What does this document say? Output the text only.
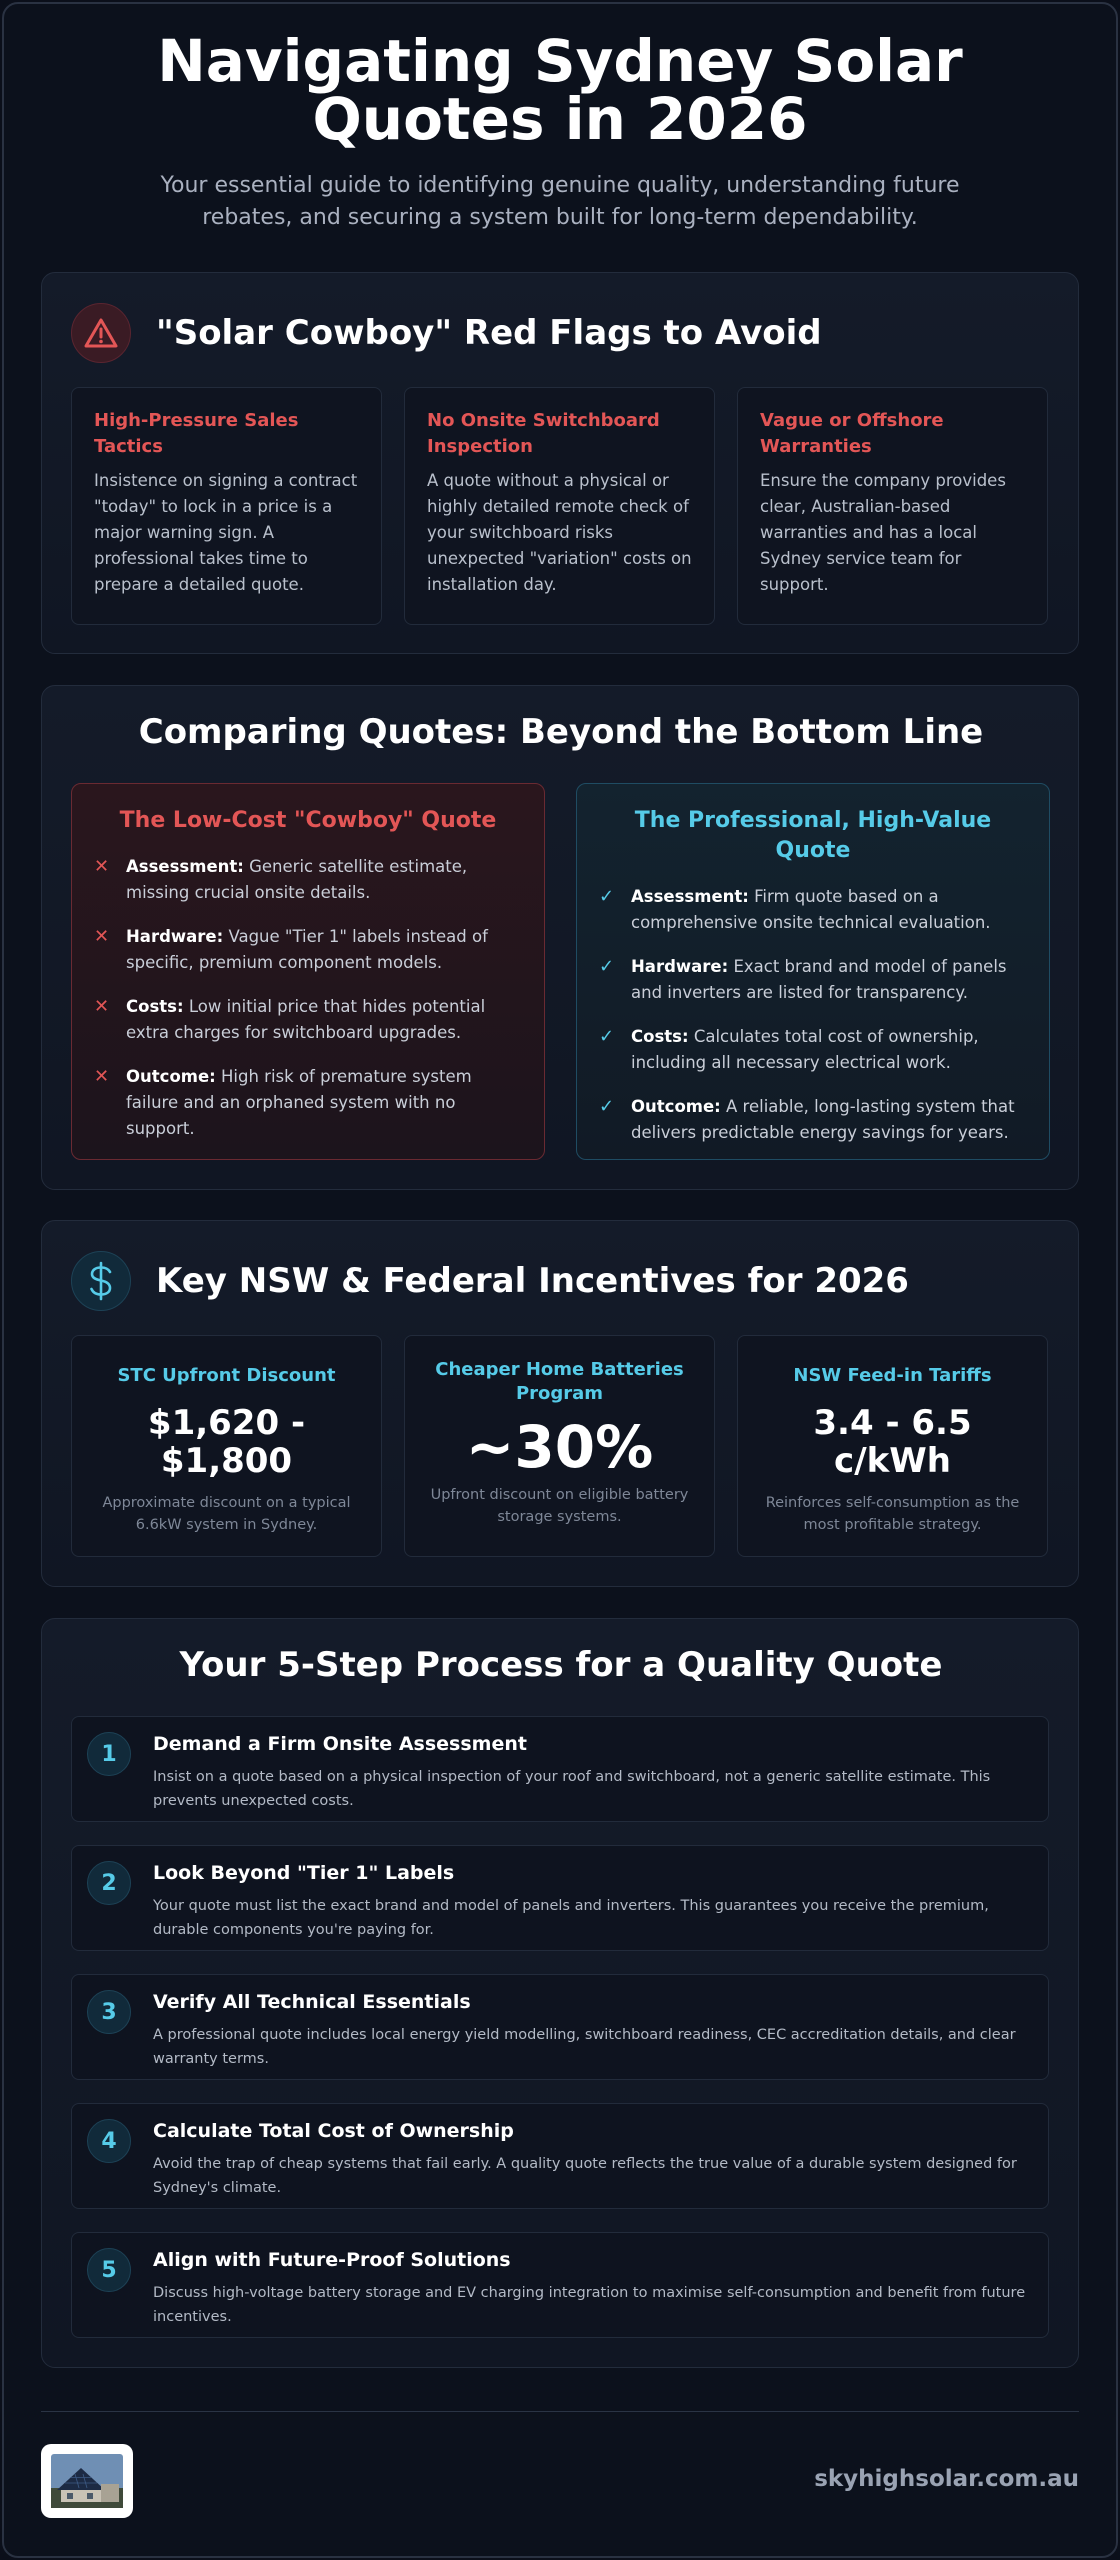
Navigating Sydney Solar Quotes in 2026
Your essential guide to identifying genuine quality, understanding future rebates, and securing a system built for long-term dependability.
"Solar Cowboy" Red Flags to Avoid
High-Pressure Sales Tactics
Insistence on signing a contract "today" to lock in a price is a major warning sign. A professional takes time to prepare a detailed quote.
No Onsite Switchboard Inspection
A quote without a physical or highly detailed remote check of your switchboard risks unexpected "variation" costs on installation day.
Vague or Offshore Warranties
Ensure the company provides clear, Australian-based warranties and has a local Sydney service team for support.
Comparing Quotes: Beyond the Bottom Line
The Low-Cost "Cowboy" Quote
✕	Assessment: Generic satellite estimate, missing crucial onsite details.
✕	Hardware: Vague "Tier 1" labels instead of specific, premium component models.
✕	Costs: Low initial price that hides potential extra charges for switchboard upgrades.
✕	Outcome: High risk of premature system failure and an orphaned system with no support.
The Professional, High-Value Quote
✓	Assessment: Firm quote based on a comprehensive onsite technical evaluation.
✓	Hardware: Exact brand and model of panels and inverters are listed for transparency.
✓	Costs: Calculates total cost of ownership, including all necessary electrical work.
✓	Outcome: A reliable, long-lasting system that delivers predictable energy savings for years.
Key NSW & Federal Incentives for 2026
STC Upfront Discount
$1,620 - $1,800
Approximate discount on a typical 6.6kW system in Sydney.
Cheaper Home Batteries Program
~30%
Upfront discount on eligible battery storage systems.
NSW Feed-in Tariffs
3.4 - 6.5 c/kWh
Reinforces self-consumption as the most profitable strategy.
Your 5-Step Process for a Quality Quote
1	Demand a Firm Onsite Assessment
Insist on a quote based on a physical inspection of your roof and switchboard, not a generic satellite estimate. This prevents unexpected costs.
2	Look Beyond "Tier 1" Labels
Your quote must list the exact brand and model of panels and inverters. This guarantees you receive the premium, durable components you're paying for.
3	Verify All Technical Essentials
A professional quote includes local energy yield modelling, switchboard readiness, CEC accreditation details, and clear warranty terms.
4	Calculate Total Cost of Ownership
Avoid the trap of cheap systems that fail early. A quality quote reflects the true value of a durable system designed for Sydney's climate.
5	Align with Future-Proof Solutions
Discuss high-voltage battery storage and EV charging integration to maximise self-consumption and benefit from future incentives.
skyhighsolar.com.au
